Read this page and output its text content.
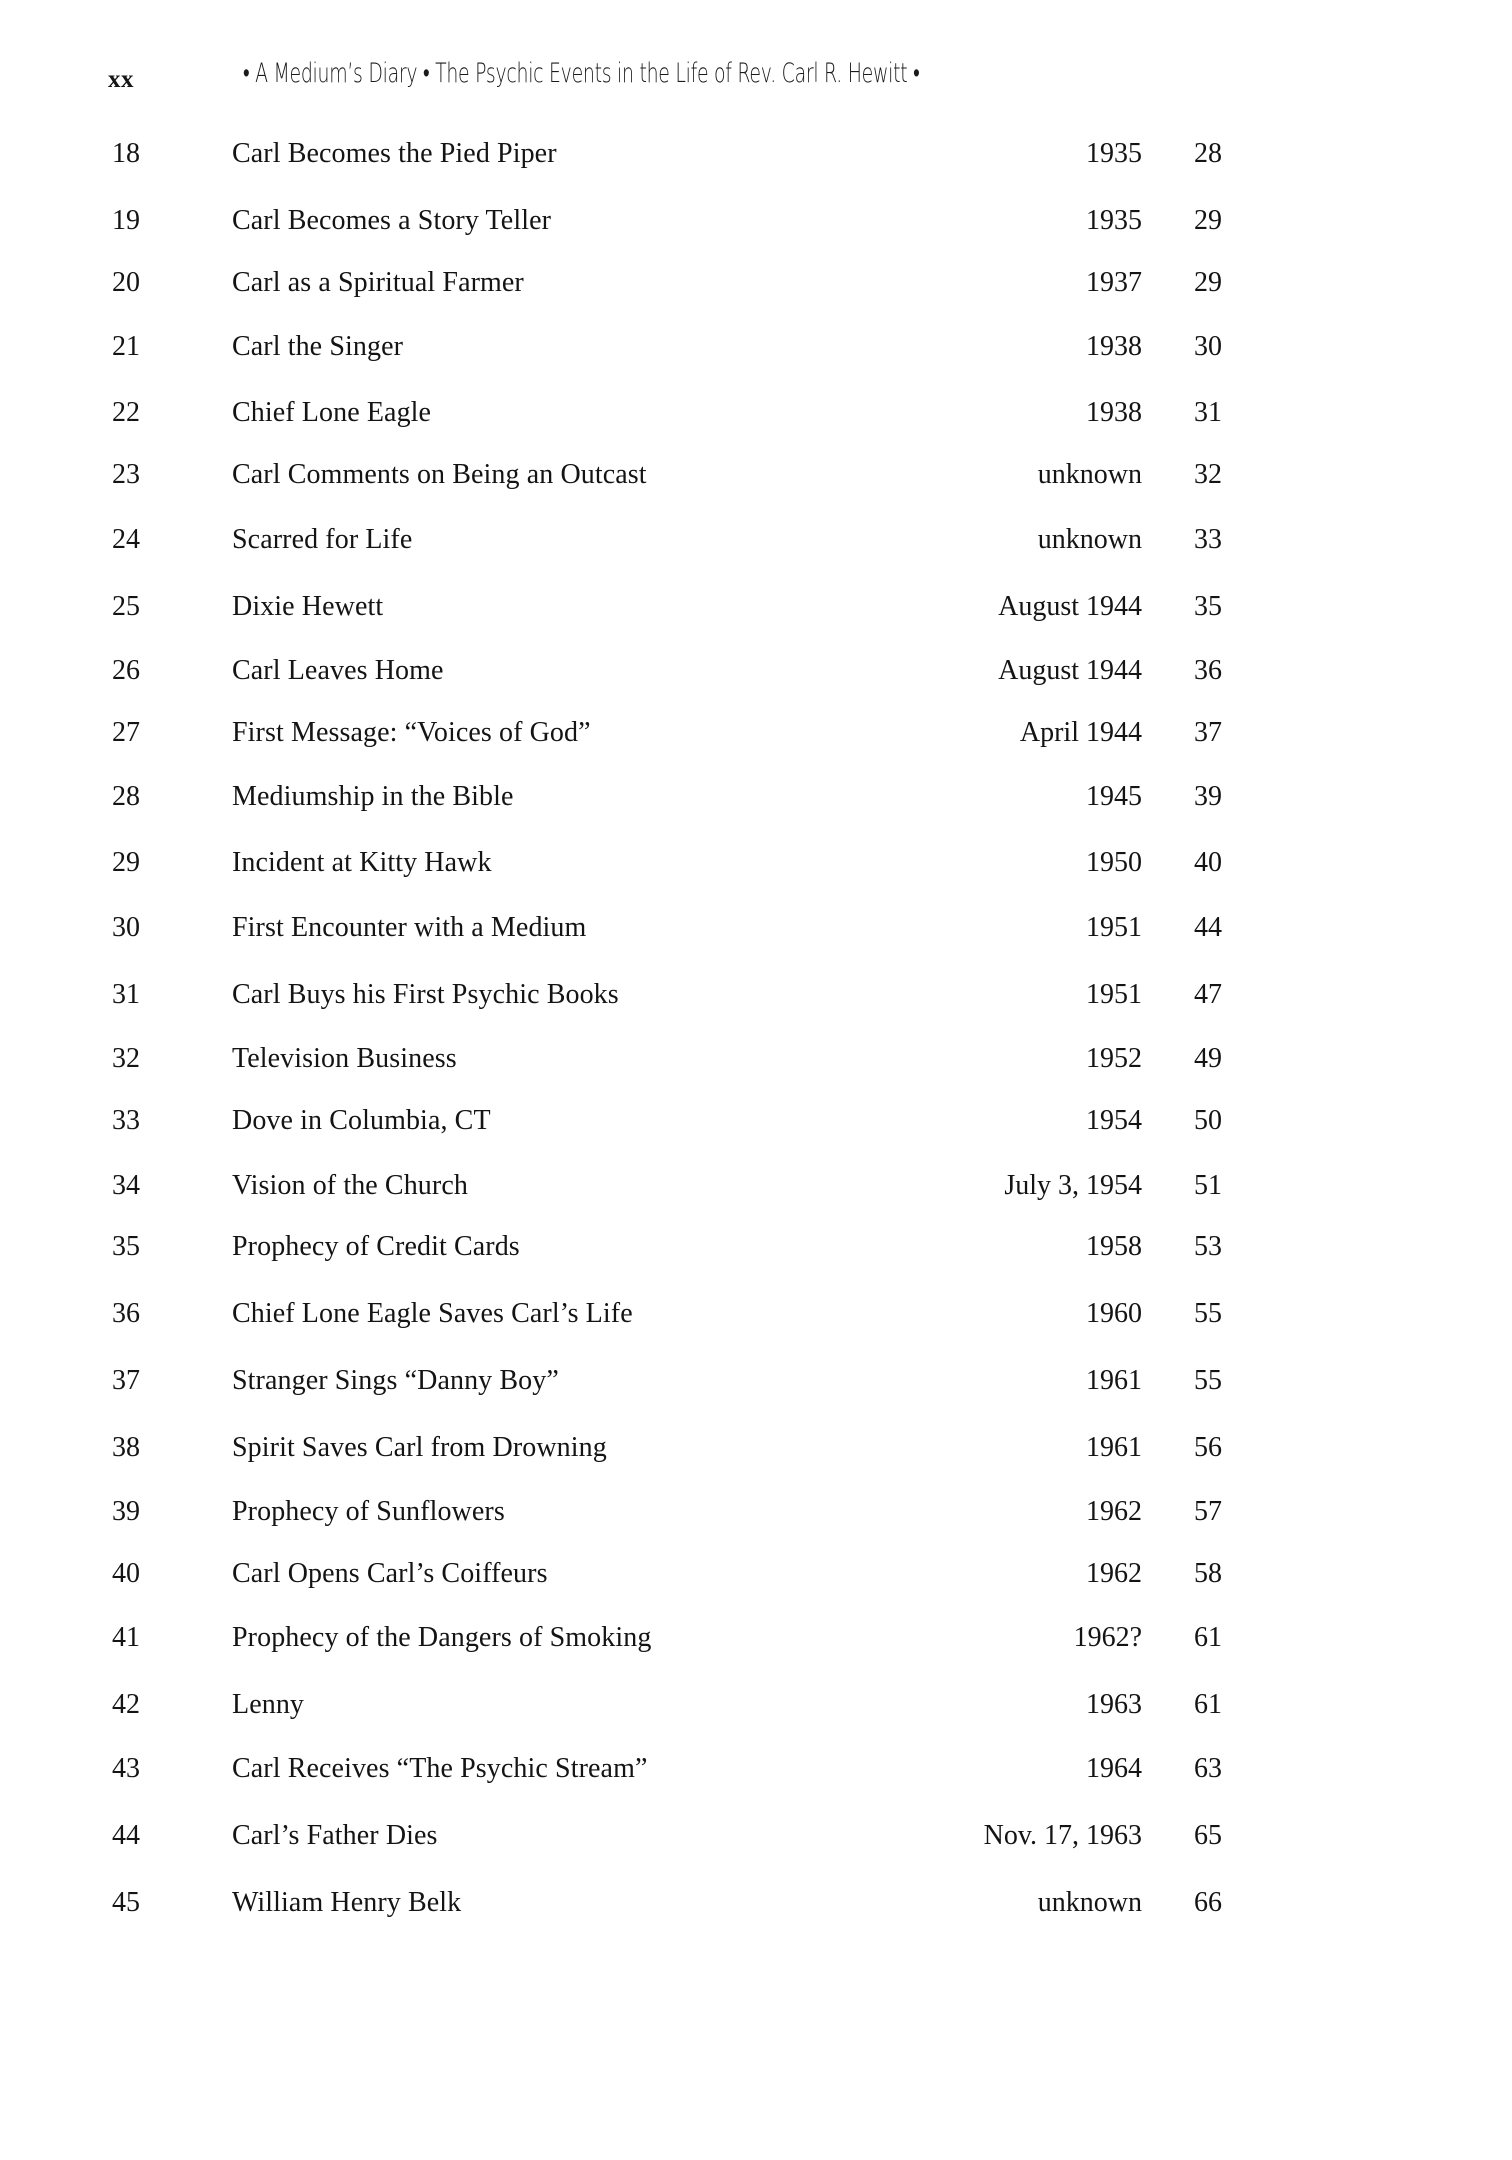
xx	• A Medium’s Diary • The Psychic Events in the Life of Rev. Carl R. Hewitt •
18	Carl Becomes the Pied Piper	1935	28
19	Carl Becomes a Story Teller	1935	29
20	Carl as a Spiritual Farmer	1937	29
21	Carl the Singer	1938	30
22	Chief Lone Eagle	1938	31
23	Carl Comments on Being an Outcast	unknown	32
24	Scarred for Life	unknown	33
25	Dixie Hewett	August 1944	35
26	Carl Leaves Home	August 1944	36
27	First Message: “Voices of God”	April 1944	37
28	Mediumship in the Bible	1945	39
29	Incident at Kitty Hawk	1950	40
30	First Encounter with a Medium	1951	44
31	Carl Buys his First Psychic Books	1951	47
32	Television Business	1952	49
33	Dove in Columbia, CT	1954	50
34	Vision of the Church	July 3, 1954	51
35	Prophecy of Credit Cards	1958	53
36	Chief Lone Eagle Saves Carl’s Life	1960	55
37	Stranger Sings “Danny Boy”	1961	55
38	Spirit Saves Carl from Drowning	1961	56
39	Prophecy of Sunflowers	1962	57
40	Carl Opens Carl’s Coiffeurs	1962	58
41	Prophecy of the Dangers of Smoking	1962?	61
42	Lenny	1963	61
43	Carl Receives “The Psychic Stream”	1964	63
44	Carl’s Father Dies	Nov. 17, 1963	65
45	William Henry Belk	unknown	66
